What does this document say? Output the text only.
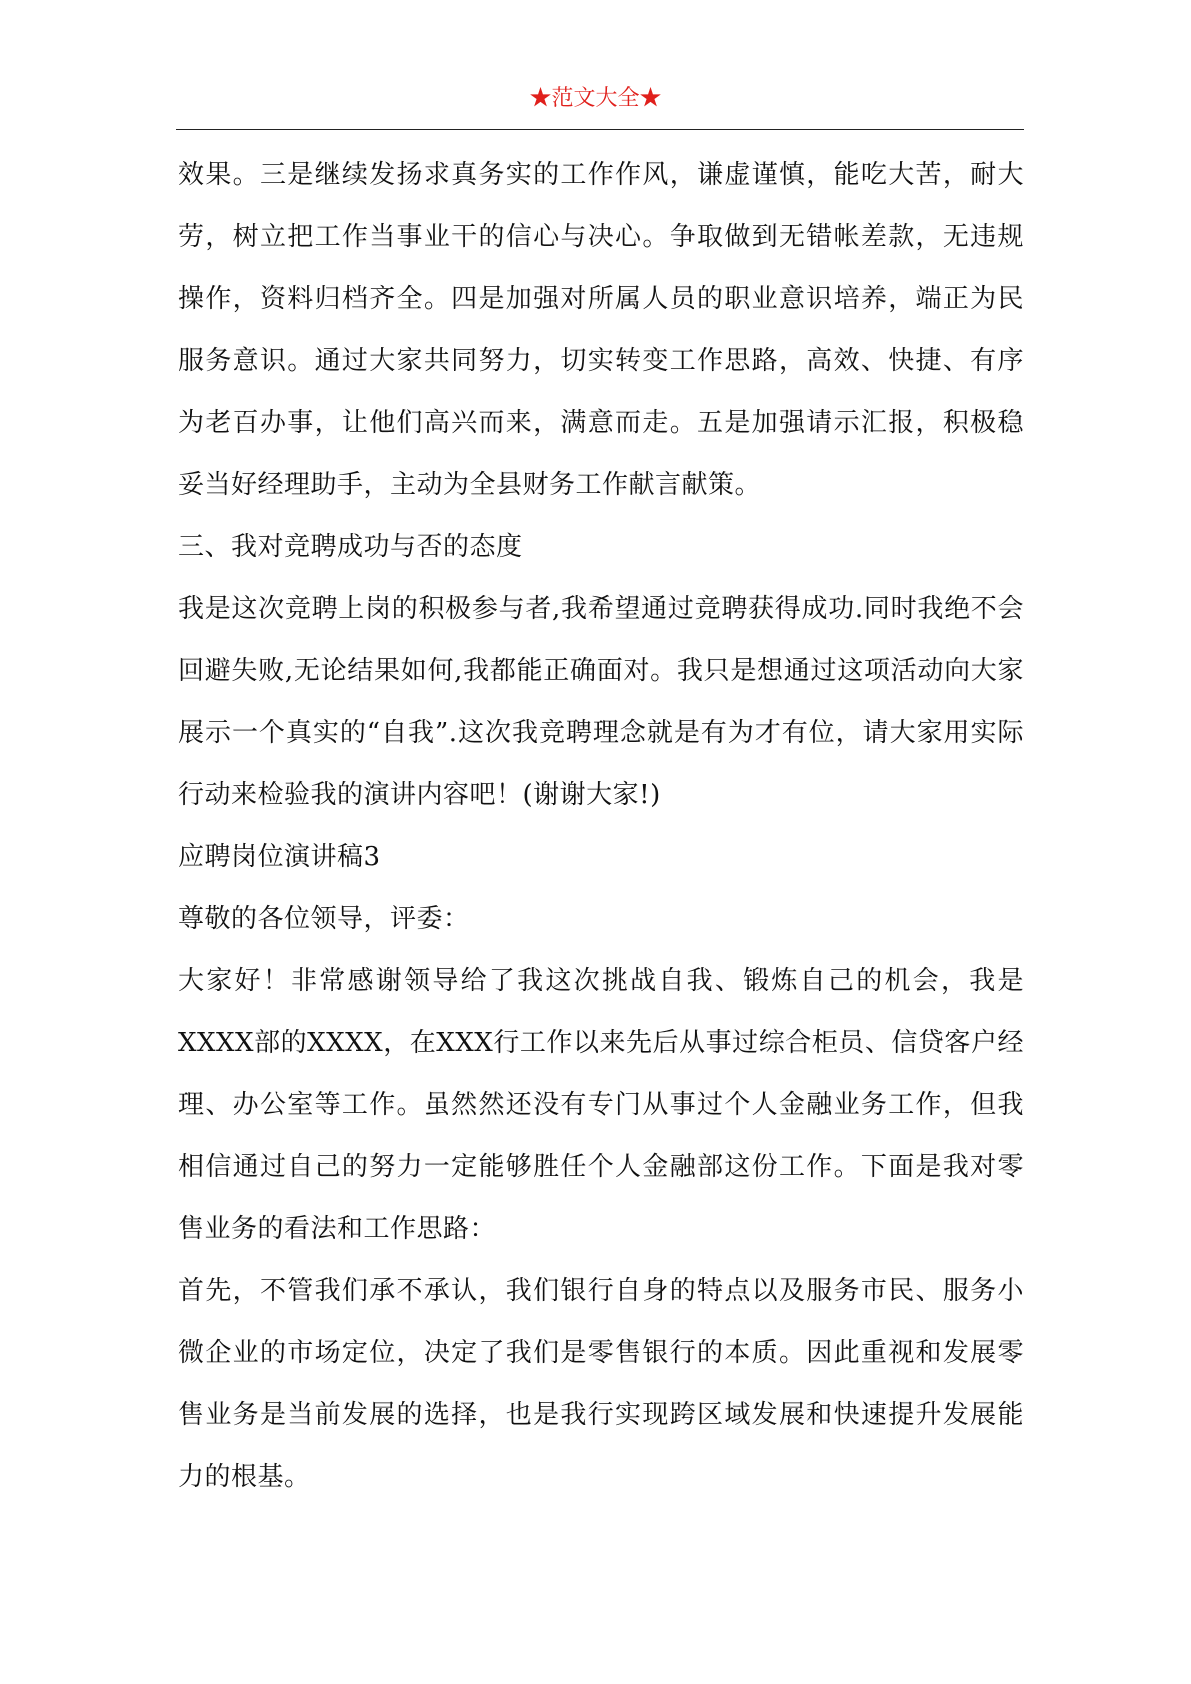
★范文大全★

效果。三是继续发扬求真务实的工作作风，谦虚谨慎，能吃大苦，耐大劳，树立把工作当事业干的信心与决心。争取做到无错帐差款，无违规操作，资料归档齐全。四是加强对所属人员的职业意识培养，端正为民服务意识。通过大家共同努力，切实转变工作思路，高效、快捷、有序为老百办事，让他们高兴而来，满意而走。五是加强请示汇报，积极稳妥当好经理助手，主动为全县财务工作献言献策。

三、我对竞聘成功与否的态度

我是这次竞聘上岗的积极参与者,我希望通过竞聘获得成功.同时我绝不会回避失败,无论结果如何,我都能正确面对。我只是想通过这项活动向大家展示一个真实的“自我”.这次我竞聘理念就是有为才有位，请大家用实际行动来检验我的演讲内容吧！(谢谢大家!)

应聘岗位演讲稿3

尊敬的各位领导，评委：

大家好！非常感谢领导给了我这次挑战自我、锻炼自己的机会，我是XXXX部的XXXX，在XXX行工作以来先后从事过综合柜员、信贷客户经理、办公室等工作。虽然然还没有专门从事过个人金融业务工作，但我相信通过自己的努力一定能够胜任个人金融部这份工作。下面是我对零售业务的看法和工作思路：

首先，不管我们承不承认，我们银行自身的特点以及服务市民、服务小微企业的市场定位，决定了我们是零售银行的本质。因此重视和发展零售业务是当前发展的选择，也是我行实现跨区域发展和快速提升发展能力的根基。
